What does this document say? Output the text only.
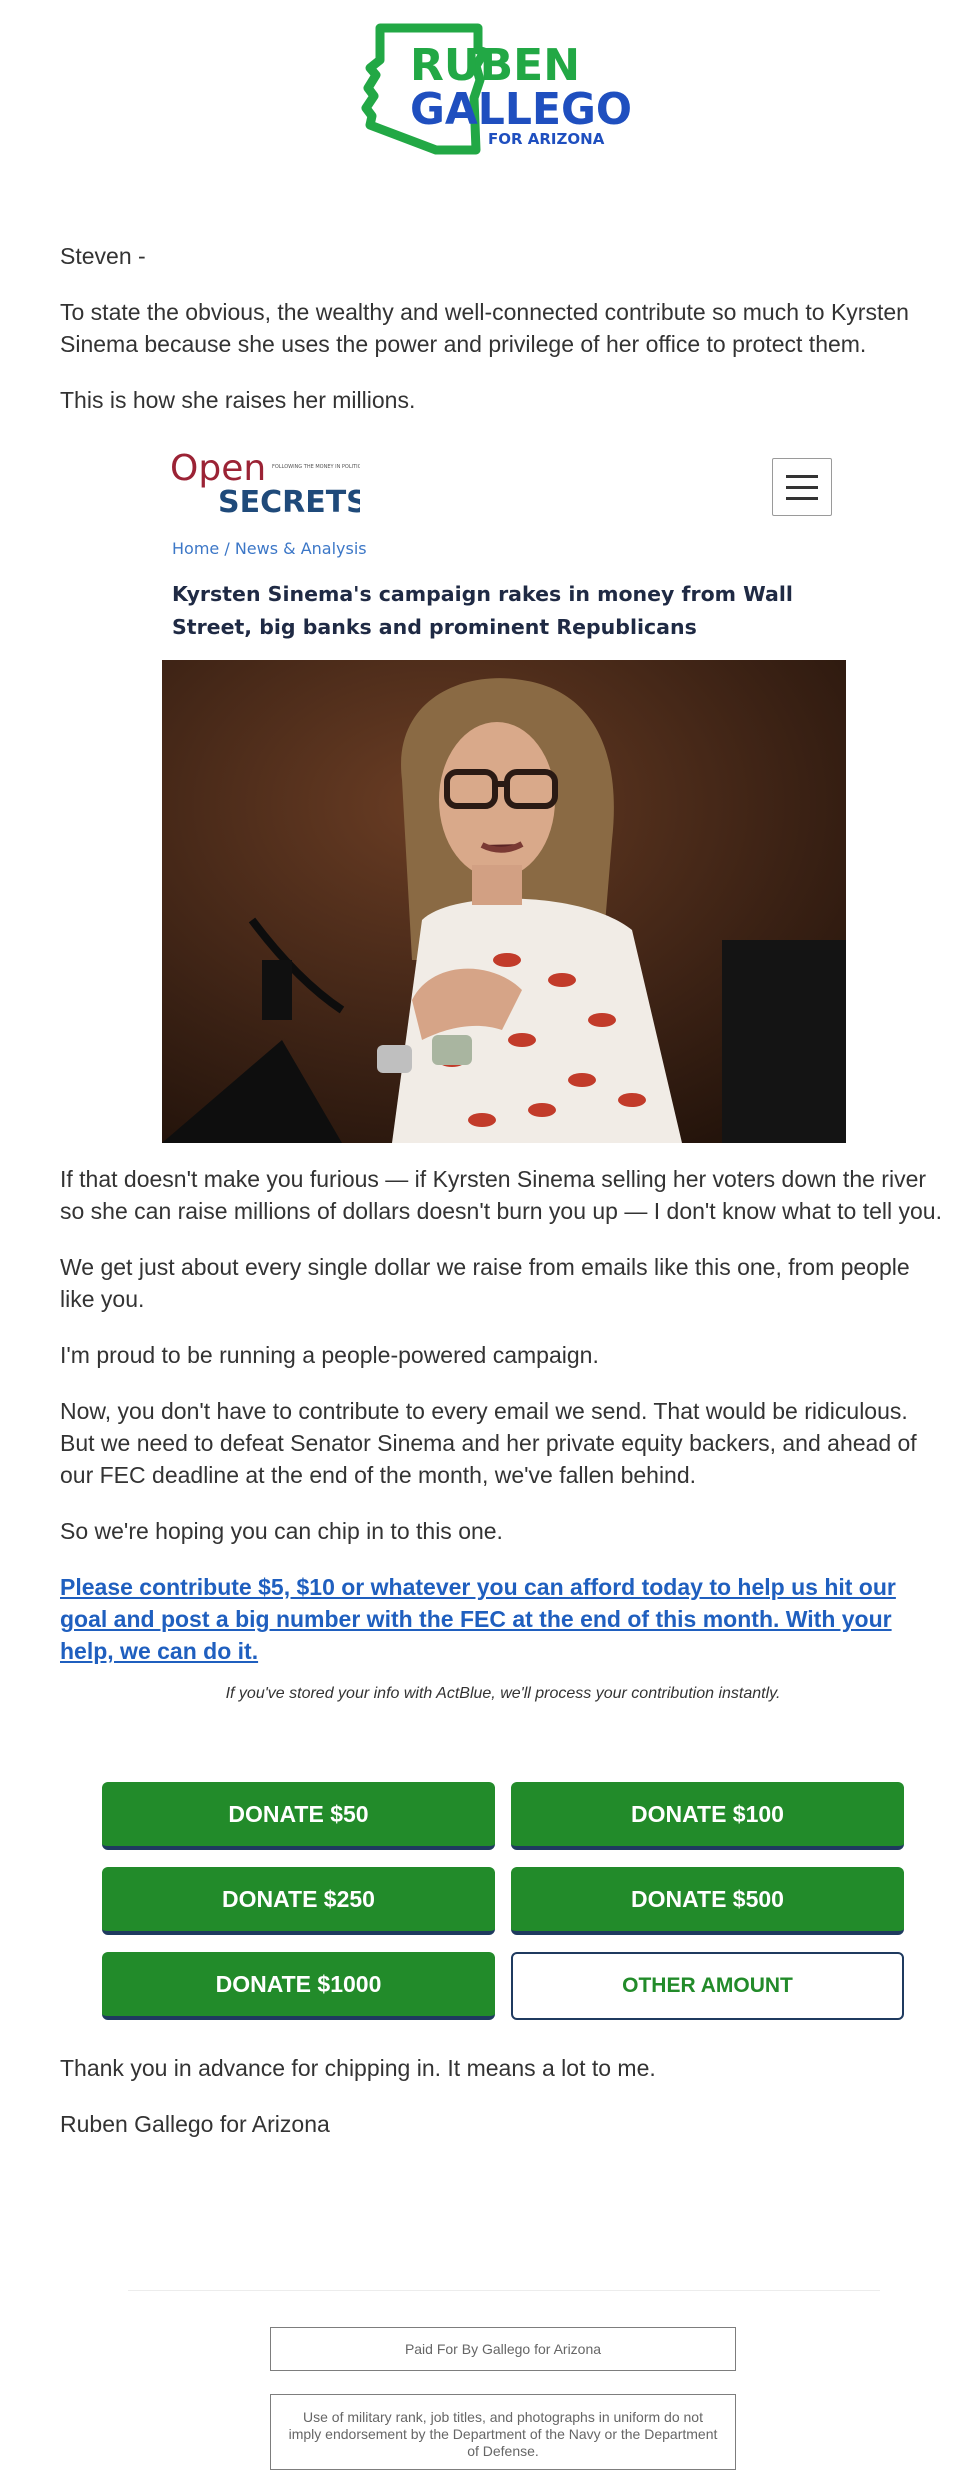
RUBEN
GALLEGO
FOR ARIZONA

Steven -

To state the obvious, the wealthy and well-connected contribute so much to Kyrsten Sinema because she uses the power and privilege of her office to protect them.

This is how she raises her millions.

Open FOLLOWING THE MONEY IN POLITICS
SECRETS
Home / News & Analysis
Kyrsten Sinema's campaign rakes in money from Wall Street, big banks and prominent Republicans

If that doesn't make you furious — if Kyrsten Sinema selling her voters down the river so she can raise millions of dollars doesn't burn you up — I don't know what to tell you.

We get just about every single dollar we raise from emails like this one, from people like you.

I'm proud to be running a people-powered campaign.

Now, you don't have to contribute to every email we send. That would be ridiculous. But we need to defeat Senator Sinema and her private equity backers, and ahead of our FEC deadline at the end of the month, we've fallen behind.

So we're hoping you can chip in to this one.

Please contribute $5, $10 or whatever you can afford today to help us hit our goal and post a big number with the FEC at the end of this month. With your help, we can do it.

If you've stored your info with ActBlue, we'll process your contribution instantly.

DONATE $50	DONATE $100
DONATE $250	DONATE $500
DONATE $1000	OTHER AMOUNT

Thank you in advance for chipping in. It means a lot to me.

Ruben Gallego for Arizona

Paid For By Gallego for Arizona
Use of military rank, job titles, and photographs in uniform do not imply endorsement by the Department of the Navy or the Department of Defense.
